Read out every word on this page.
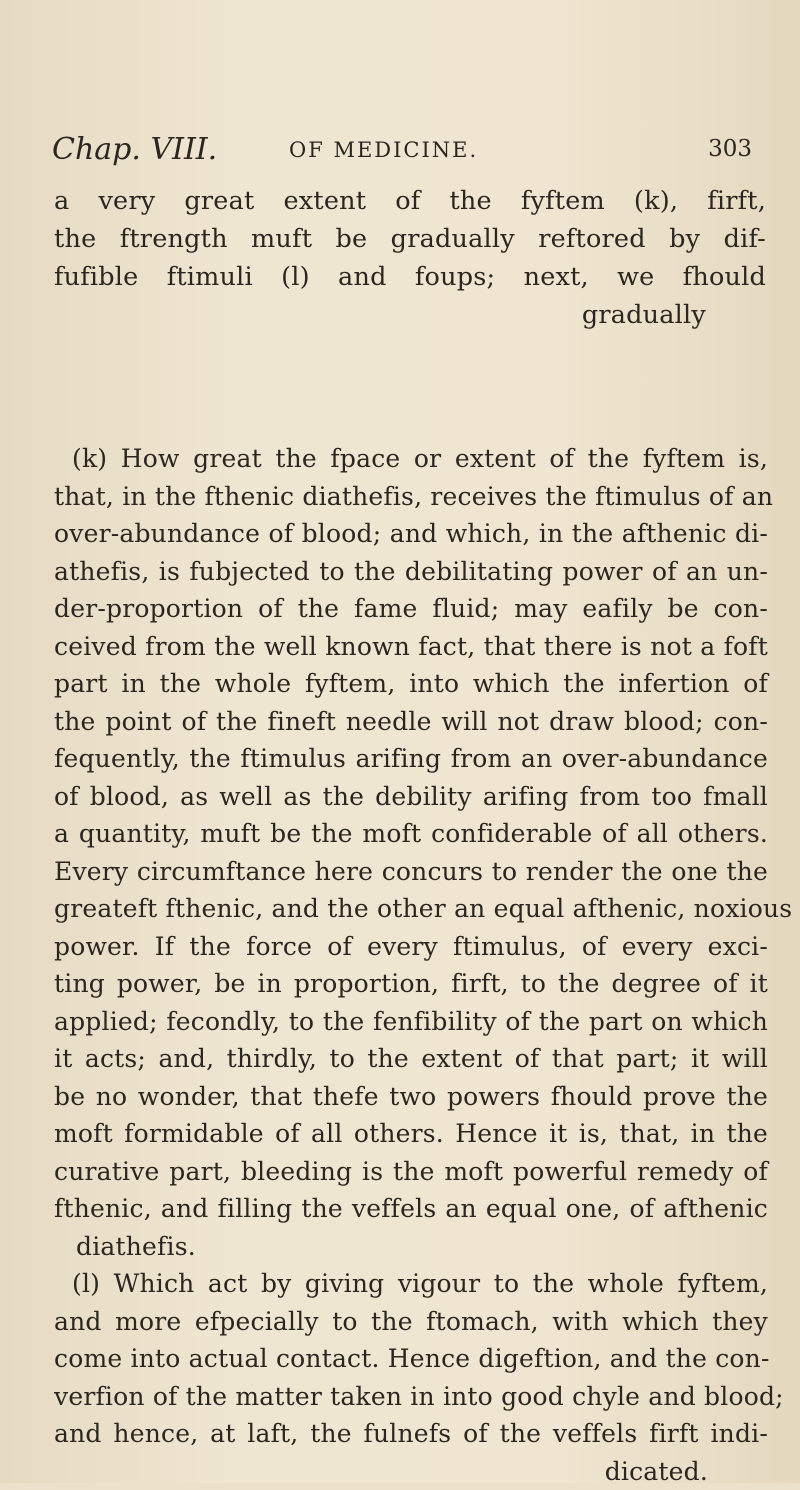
Chap. VIII.	OF MEDICINE.	303
a very great extent of the fyftem (k), firft,
the ftrength muft be gradually reftored by dif-
fufible ftimuli (l) and foups; next, we fhould
gradually
(k) How great the fpace or extent of the fyftem is,
that, in the fthenic diathefis, receives the ftimulus of an
over-abundance of blood; and which, in the afthenic di-
athefis, is fubjected to the debilitating power of an un-
der-proportion of the fame fluid; may eafily be con-
ceived from the well known fact, that there is not a foft
part in the whole fyftem, into which the infertion of
the point of the fineft needle will not draw blood; con-
fequently, the ftimulus arifing from an over-abundance
of blood, as well as the debility arifing from too fmall
a quantity, muft be the moft confiderable of all others.
Every circumftance here concurs to render the one the
greateft fthenic, and the other an equal afthenic, noxious
power. If the force of every ftimulus, of every exci-
ting power, be in proportion, firft, to the degree of it
applied; fecondly, to the fenfibility of the part on which
it acts; and, thirdly, to the extent of that part; it will
be no wonder, that thefe two powers fhould prove the
moft formidable of all others. Hence it is, that, in the
curative part, bleeding is the moft powerful remedy of
fthenic, and filling the veffels an equal one, of afthenic
diathefis.
(l) Which act by giving vigour to the whole fyftem,
and more efpecially to the ftomach, with which they
come into actual contact. Hence digeftion, and the con-
verfion of the matter taken in into good chyle and blood;
and hence, at laft, the fulnefs of the veffels firft indi-
dicated.
